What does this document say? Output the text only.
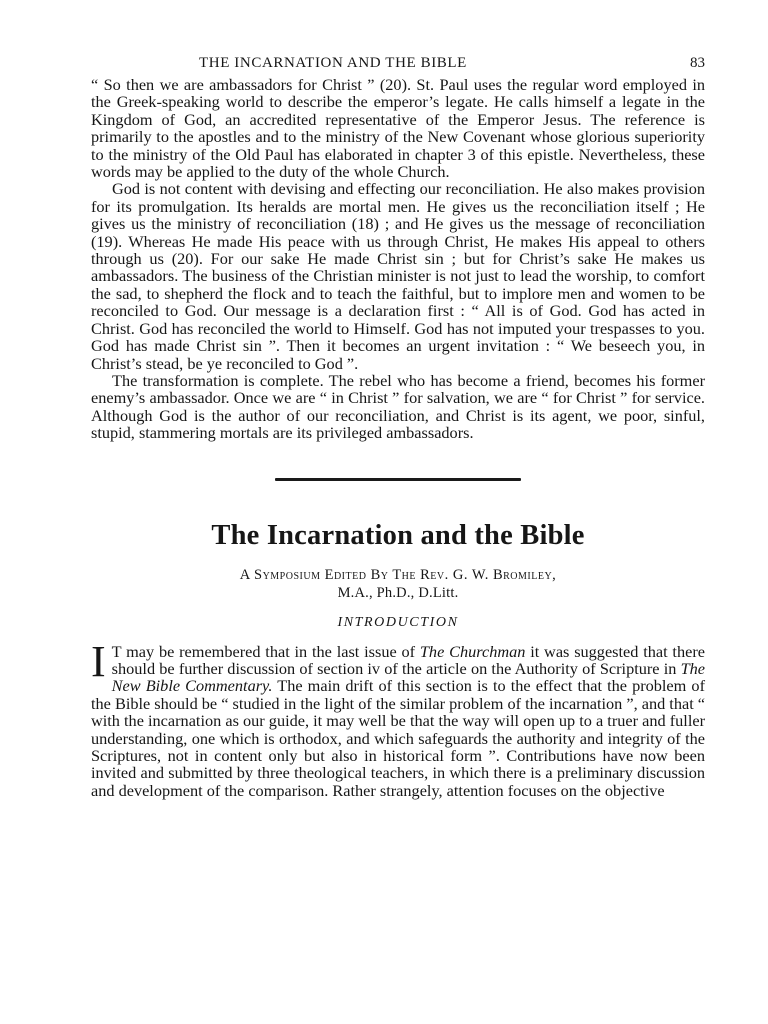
THE INCARNATION AND THE BIBLE	83

“ So then we are ambassadors for Christ ” (20). St. Paul uses the regular word employed in the Greek-speaking world to describe the emperor’s legate. He calls himself a legate in the Kingdom of God, an accredited representative of the Emperor Jesus. The reference is primarily to the apostles and to the ministry of the New Covenant whose glorious superiority to the ministry of the Old Paul has elaborated in chapter 3 of this epistle. Nevertheless, these words may be applied to the duty of the whole Church.

God is not content with devising and effecting our reconciliation. He also makes provision for its promulgation. Its heralds are mortal men. He gives us the reconciliation itself ; He gives us the ministry of reconciliation (18) ; and He gives us the message of reconciliation (19). Whereas He made His peace with us through Christ, He makes His appeal to others through us (20). For our sake He made Christ sin ; but for Christ’s sake He makes us ambassadors. The business of the Christian minister is not just to lead the worship, to comfort the sad, to shepherd the flock and to teach the faithful, but to implore men and women to be reconciled to God. Our message is a declaration first : “ All is of God. God has acted in Christ. God has reconciled the world to Himself. God has not imputed your trespasses to you. God has made Christ sin ”. Then it becomes an urgent invitation : “ We beseech you, in Christ’s stead, be ye reconciled to God ”.

The transformation is complete. The rebel who has become a friend, becomes his former enemy’s ambassador. Once we are “ in Christ ” for salvation, we are “ for Christ ” for service. Although God is the author of our reconciliation, and Christ is its agent, we poor, sinful, stupid, stammering mortals are its privileged ambassadors.

The Incarnation and the Bible
A Symposium Edited By The Rev. G. W. Bromiley,
M.A., Ph.D., D.Litt.
INTRODUCTION

I T may be remembered that in the last issue of The Churchman it was suggested that there should be further discussion of section iv of the article on the Authority of Scripture in The New Bible Commentary. The main drift of this section is to the effect that the problem of the Bible should be “ studied in the light of the similar problem of the incarnation ”, and that “ with the incarnation as our guide, it may well be that the way will open up to a truer and fuller understanding, one which is orthodox, and which safeguards the authority and integrity of the Scriptures, not in content only but also in historical form ”. Contributions have now been invited and submitted by three theological teachers, in which there is a preliminary discussion and development of the comparison. Rather strangely, attention focuses on the objective
